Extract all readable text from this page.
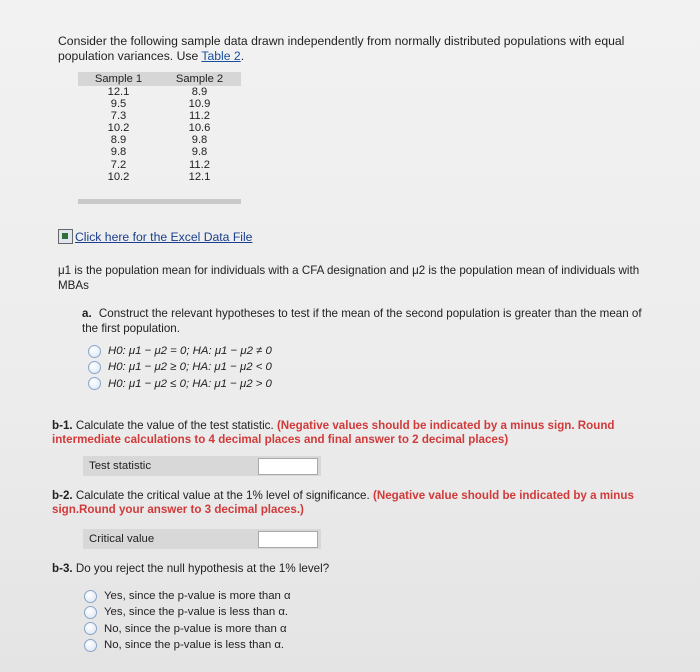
Consider the following sample data drawn independently from normally distributed populations with equal population variances. Use Table 2.
Sample 1	Sample 2
12.1	8.9
9.5	10.9
7.3	11.2
10.2	10.6
8.9	9.8
9.8	9.8
7.2	11.2
10.2	12.1
Click here for the Excel Data File
μ1 is the population mean for individuals with a CFA designation and μ2 is the population mean of individuals with MBAs
a. Construct the relevant hypotheses to test if the mean of the second population is greater than the mean of the first population.
H0: μ1 − μ2 = 0; HA: μ1 − μ2 ≠ 0
H0: μ1 − μ2 ≥ 0; HA: μ1 − μ2 < 0
H0: μ1 − μ2 ≤ 0; HA: μ1 − μ2 > 0
b-1. Calculate the value of the test statistic. (Negative values should be indicated by a minus sign. Round intermediate calculations to 4 decimal places and final answer to 2 decimal places)
Test statistic
b-2. Calculate the critical value at the 1% level of significance. (Negative value should be indicated by a minus sign.Round your answer to 3 decimal places.)
Critical value
b-3. Do you reject the null hypothesis at the 1% level?
Yes, since the p-value is more than α
Yes, since the p-value is less than α.
No, since the p-value is more than α
No, since the p-value is less than α.
